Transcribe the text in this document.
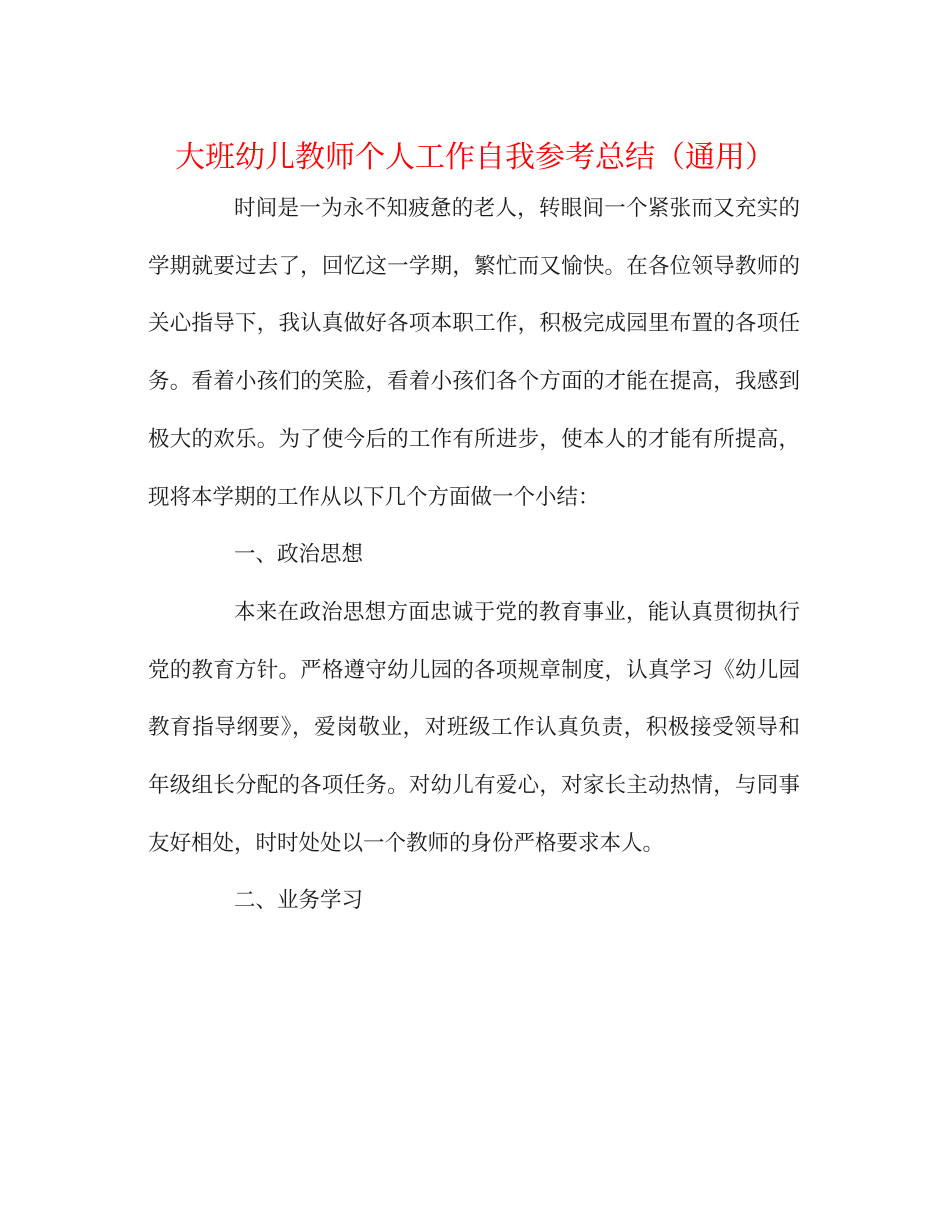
大班幼儿教师个人工作自我参考总结（通用）

时间是一为永不知疲惫的老人，转眼间一个紧张而又充实的学期就要过去了，回忆这一学期，繁忙而又愉快。在各位领导教师的关心指导下，我认真做好各项本职工作，积极完成园里布置的各项任务。看着小孩们的笑脸，看着小孩们各个方面的才能在提高，我感到极大的欢乐。为了使今后的工作有所进步，使本人的才能有所提高，现将本学期的工作从以下几个方面做一个小结：

一、政治思想

本来在政治思想方面忠诚于党的教育事业，能认真贯彻执行党的教育方针。严格遵守幼儿园的各项规章制度，认真学习《幼儿园教育指导纲要》，爱岗敬业，对班级工作认真负责，积极接受领导和年级组长分配的各项任务。对幼儿有爱心，对家长主动热情，与同事友好相处，时时处处以一个教师的身份严格要求本人。

二、业务学习
